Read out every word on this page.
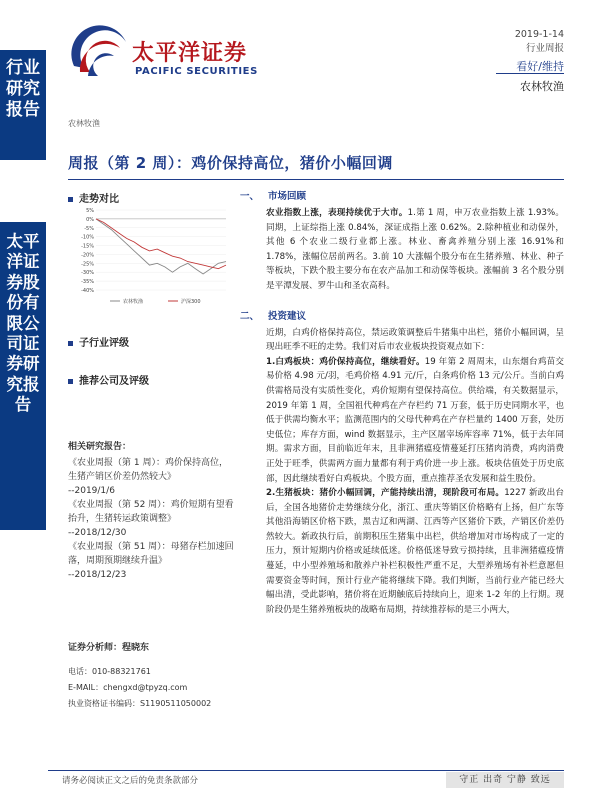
行业研究报告
太平洋证券股份有限公司证券研究报告
太平洋证券
PACIFIC SECURITIES
2019-1-14
行业周报
看好/维持
农林牧渔
农林牧渔
周报（第 2 周）：鸡价保持高位，猪价小幅回调
走势对比
5%
0%
-5%
-10%
-15%
-20%
-25%
-30%
-35%
-40%
农林牧渔	沪深300
子行业评级
推荐公司及评级
相关研究报告：
《农业周报（第 1 周）：鸡价保持高位，生猪产销区价差仍然较大》
--2019/1/6
《农业周报（第 52 周）：鸡价短期有望看抬升，生猪转运政策调整》
--2018/12/30
《农业周报（第 51 周）：母猪存栏加速回落，周期预期继续升温》
--2018/12/23
证券分析师：程晓东
电话：010-88321761
E-MAIL：chengxd@tpyzq.com
执业资格证书编码：S1190511050002
一、 市场回顾
农业指数上涨，表现持续优于大市。1.第 1 周，申万农业指数上涨 1.93%。同期，上证综指上涨 0.84%，深证成指上涨 0.62%。2.除种植业和动保外，其他 6 个农业二级行业都上涨。林业、畜禽养殖分别上涨 16.91%和 1.78%，涨幅位居前两名。3.前 10 大涨幅个股分布在生猪养殖、林业、种子等板块，下跌个股主要分布在农产品加工和动保等板块。涨幅前 3 名个股分别是平潭发展、罗牛山和圣农高科。
二、 投资建议
近期，白鸡价格保持高位，禁运政策调整后牛猪集中出栏，猪价小幅回调，呈现出旺季不旺的走势。我们对后市农业板块投资观点如下：
1.白鸡板块：鸡价保持高位，继续看好。19 年第 2 周周末，山东烟台鸡苗交易价格 4.98 元/羽，毛鸡价格 4.91 元/斤，白条鸡价格 13 元/公斤。当前白鸡供需格局没有实质性变化，鸡价短期有望保持高位。供给端，有关数据显示，2019 年第 1 周，全国祖代种鸡在产存栏约 71 万套，低于历史同期水平，也低于供需均衡水平；监测范围内的父母代种鸡在产存栏量约 1400 万套，处历史低位；库存方面，wind 数据显示，主产区屠宰场库容率 71%，低于去年同期。需求方面，目前临近年末，且非洲猪瘟疫情蔓延打压猪肉消费，鸡肉消费正处于旺季，供需两方面力量都有利于鸡价进一步上涨。板块估值处于历史底部，因此继续看好白鸡板块。个股方面，重点推荐圣农发展和益生股份。
2.生猪板块：猪价小幅回调，产能持续出清，现阶段可布局。1227 新政出台后，全国各地猪价走势继续分化，浙江、重庆等销区价格略有上扬，但广东等其他沿海销区价格下跌，黑吉辽和两湖、江西等产区猪价下跌，产销区价差仍然较大。新政执行后，前期积压生猪集中出栏，供给增加对市场构成了一定的压力，预计短期内价格或延续低迷。价格低迷导致亏损持续，且非洲猪瘟疫情蔓延，中小型养殖场和散养户补栏积极性严重不足，大型养殖场有补栏意愿但需要资金等时间，预计行业产能将继续下降。我们判断，当前行业产能已经大幅出清，受此影响，猪价将在近期触底后持续向上，迎来 1-2 年的上行期。现阶段仍是生猪养殖板块的战略布局期，持续推荐标的是三小两大，
请务必阅读正文之后的免责条款部分	守正 出奇 宁静 致远
